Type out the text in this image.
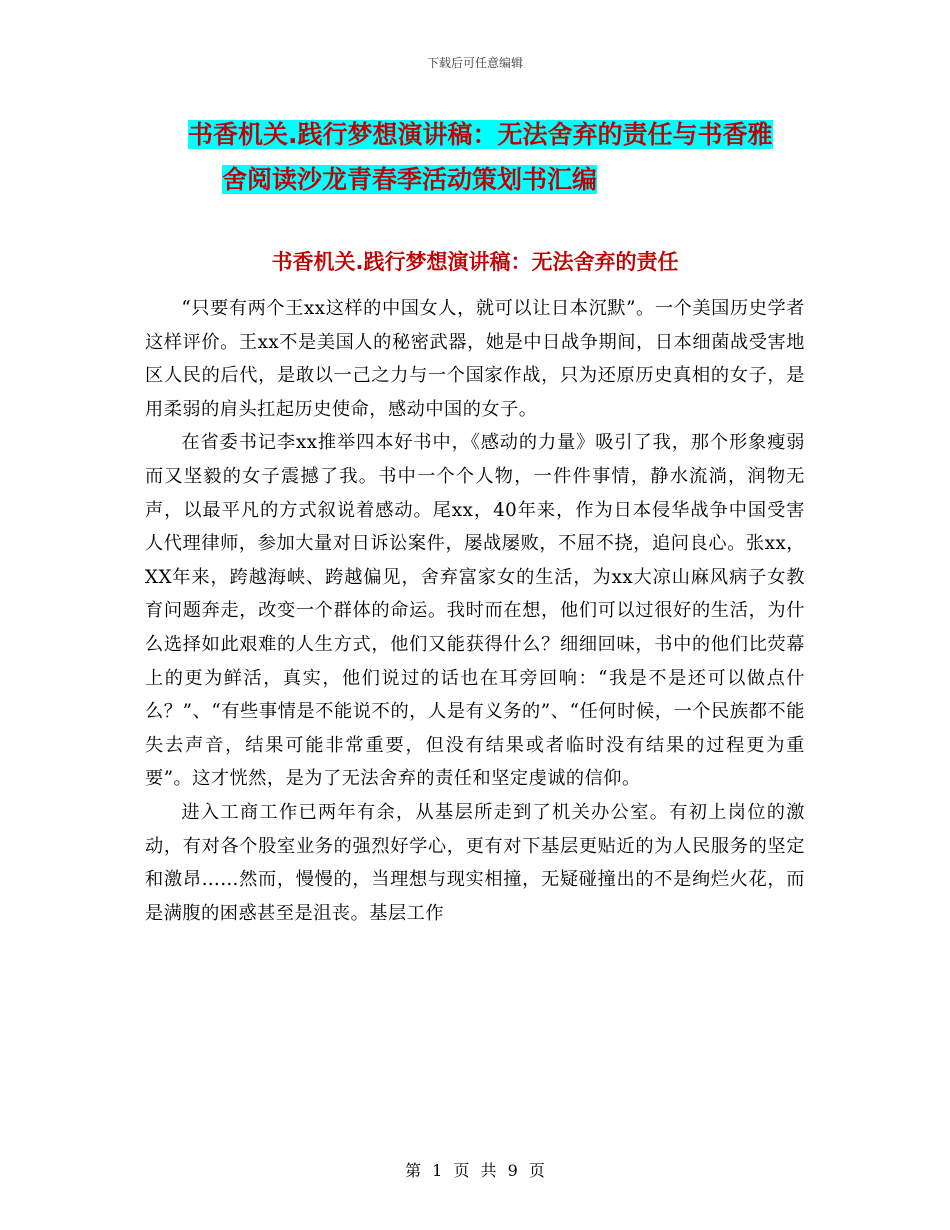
下载后可任意编辑
书香机关.践行梦想演讲稿：无法舍弃的责任与书香雅
舍阅读沙龙青春季活动策划书汇编
书香机关.践行梦想演讲稿：无法舍弃的责任

“只要有两个王xx这样的中国女人，就可以让日本沉默”。一个美国历史学者这样评价。王xx不是美国人的秘密武器，她是中日战争期间，日本细菌战受害地区人民的后代，是敢以一己之力与一个国家作战，只为还原历史真相的女子，是用柔弱的肩头扛起历史使命，感动中国的女子。

在省委书记李xx推举四本好书中，《感动的力量》吸引了我，那个形象瘦弱而又坚毅的女子震撼了我。书中一个个人物，一件件事情，静水流淌，润物无声，以最平凡的方式叙说着感动。尾xx，40年来，作为日本侵华战争中国受害人代理律师，参加大量对日诉讼案件，屡战屡败，不屈不挠，追问良心。张xx，XX年来，跨越海峡、跨越偏见，舍弃富家女的生活，为xx大凉山麻风病子女教育问题奔走，改变一个群体的命运。我时而在想，他们可以过很好的生活，为什么选择如此艰难的人生方式，他们又能获得什么？细细回味，书中的他们比荧幕上的更为鲜活，真实，他们说过的话也在耳旁回响：“我是不是还可以做点什么？”、“有些事情是不能说不的，人是有义务的”、“任何时候，一个民族都不能失去声音，结果可能非常重要，但没有结果或者临时没有结果的过程更为重要”。这才恍然，是为了无法舍弃的责任和坚定虔诚的信仰。

进入工商工作已两年有余，从基层所走到了机关办公室。有初上岗位的激动，有对各个股室业务的强烈好学心，更有对下基层更贴近的为人民服务的坚定和激昂……然而，慢慢的，当理想与现实相撞，无疑碰撞出的不是绚烂火花，而是满腹的困惑甚至是沮丧。基层工作

第 1 页 共 9 页
